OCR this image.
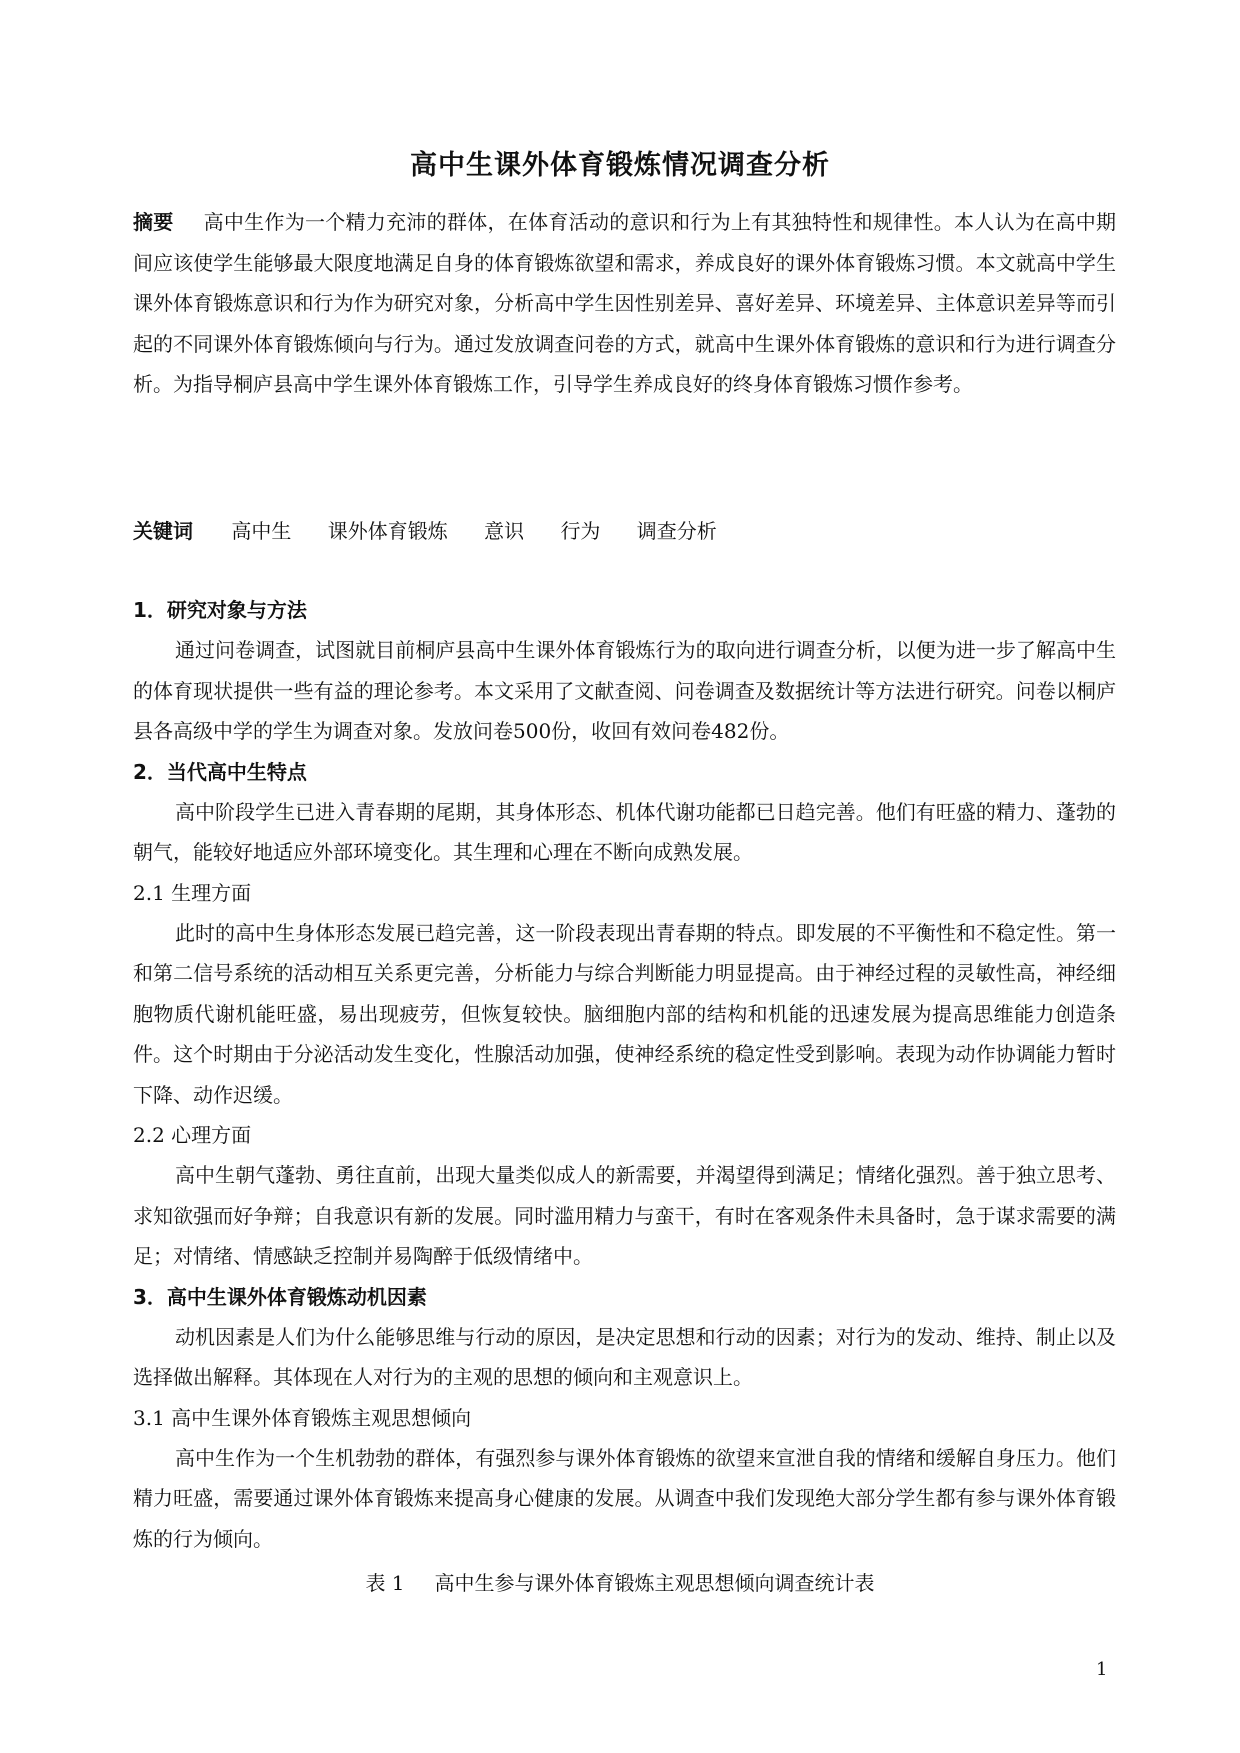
高中生课外体育锻炼情况调查分析

摘要 高中生作为一个精力充沛的群体，在体育活动的意识和行为上有其独特性和规律性。本人认为在高中期间应该使学生能够最大限度地满足自身的体育锻炼欲望和需求，养成良好的课外体育锻炼习惯。本文就高中学生课外体育锻炼意识和行为作为研究对象，分析高中学生因性别差异、喜好差异、环境差异、主体意识差异等而引起的不同课外体育锻炼倾向与行为。通过发放调查问卷的方式，就高中生课外体育锻炼的意识和行为进行调查分析。为指导桐庐县高中学生课外体育锻炼工作，引导学生养成良好的终身体育锻炼习惯作参考。

关键词 高中生 课外体育锻炼 意识 行为 调查分析

1．研究对象与方法

通过问卷调查，试图就目前桐庐县高中生课外体育锻炼行为的取向进行调查分析，以便为进一步了解高中生的体育现状提供一些有益的理论参考。本文采用了文献查阅、问卷调查及数据统计等方法进行研究。问卷以桐庐县各高级中学的学生为调查对象。发放问卷500份，收回有效问卷482份。

2．当代高中生特点

高中阶段学生已进入青春期的尾期，其身体形态、机体代谢功能都已日趋完善。他们有旺盛的精力、蓬勃的朝气，能较好地适应外部环境变化。其生理和心理在不断向成熟发展。

2.1 生理方面

此时的高中生身体形态发展已趋完善，这一阶段表现出青春期的特点。即发展的不平衡性和不稳定性。第一和第二信号系统的活动相互关系更完善，分析能力与综合判断能力明显提高。由于神经过程的灵敏性高，神经细胞物质代谢机能旺盛，易出现疲劳，但恢复较快。脑细胞内部的结构和机能的迅速发展为提高思维能力创造条件。这个时期由于分泌活动发生变化，性腺活动加强，使神经系统的稳定性受到影响。表现为动作协调能力暂时下降、动作迟缓。

2.2 心理方面

高中生朝气蓬勃、勇往直前，出现大量类似成人的新需要，并渴望得到满足；情绪化强烈。善于独立思考、求知欲强而好争辩；自我意识有新的发展。同时滥用精力与蛮干，有时在客观条件未具备时，急于谋求需要的满足；对情绪、情感缺乏控制并易陶醉于低级情绪中。

3．高中生课外体育锻炼动机因素

动机因素是人们为什么能够思维与行动的原因，是决定思想和行动的因素；对行为的发动、维持、制止以及选择做出解释。其体现在人对行为的主观的思想的倾向和主观意识上。

3.1 高中生课外体育锻炼主观思想倾向

高中生作为一个生机勃勃的群体，有强烈参与课外体育锻炼的欲望来宣泄自我的情绪和缓解自身压力。他们精力旺盛，需要通过课外体育锻炼来提高身心健康的发展。从调查中我们发现绝大部分学生都有参与课外体育锻炼的行为倾向。

表 1 高中生参与课外体育锻炼主观思想倾向调查统计表
1
